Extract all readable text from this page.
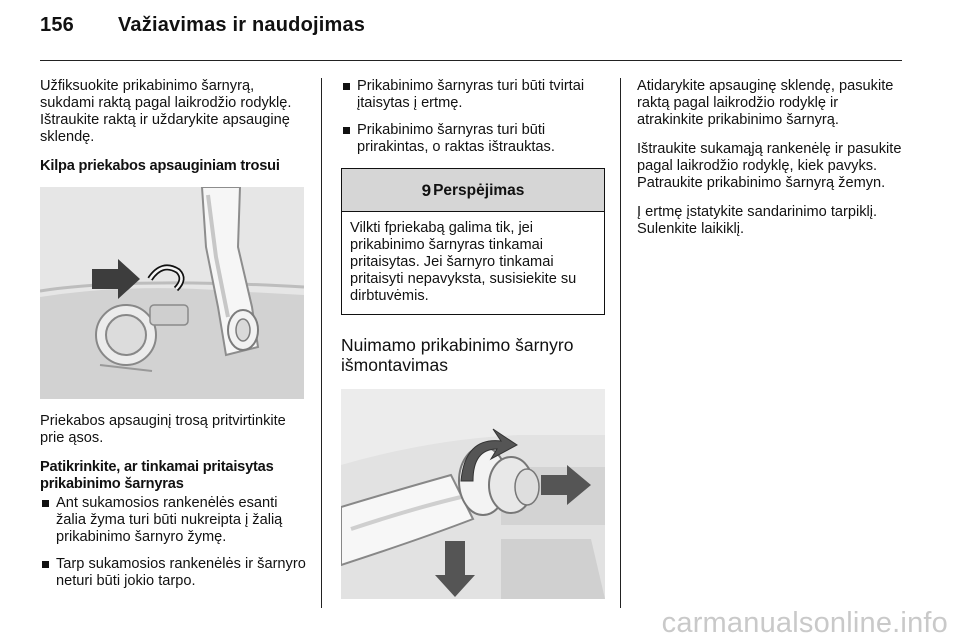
156 Važiavimas ir naudojimas

Užfiksuokite prikabinimo šarnyrą, sukdami raktą pagal laikrodžio rodyklę. Ištraukite raktą ir uždarykite apsauginę sklendę.

Kilpa priekabos apsauginiam trosui

Priekabos apsauginį trosą pritvirtinkite prie ąsos.

Patikrinkite, ar tinkamai pritaisytas prikabinimo šarnyras
Ant sukamosios rankenėlės esanti žalia žyma turi būti nukreipta į žalią prikabinimo šarnyro žymę.
Tarp sukamosios rankenėlės ir šarnyro neturi būti jokio tarpo.
Prikabinimo šarnyras turi būti tvirtai įtaisytas į ertmę.
Prikabinimo šarnyras turi būti prirakintas, o raktas ištrauktas.
9 Perspėjimas
Vilkti fpriekabą galima tik, jei prikabinimo šarnyras tinkamai pritaisytas. Jei šarnyro tinkamai pritaisyti nepavyksta, susisiekite su dirbtuvėmis.
Nuimamo prikabinimo šarnyro išmontavimas

Atidarykite apsauginę sklendę, pasukite raktą pagal laikrodžio rodyklę ir atrakinkite prikabinimo šarnyrą.

Ištraukite sukamąją rankenėlę ir pasukite pagal laikrodžio rodyklę, kiek pavyks. Patraukite prikabinimo šarnyrą žemyn.

Į ertmę įstatykite sandarinimo tarpiklį. Sulenkite laikiklį.

carmanualsonline.info
